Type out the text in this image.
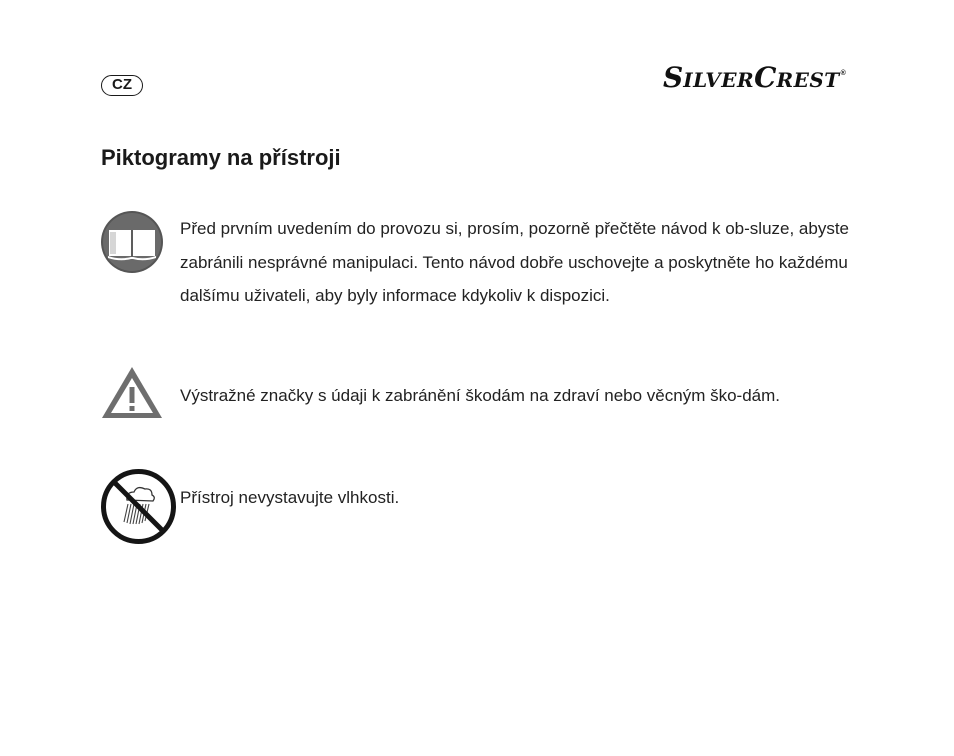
CZ	SILVERCREST®
Piktogramy na přístroji

Před prvním uvedením do provozu si, prosím, pozorně přečtěte návod k ob-sluze, abyste zabránili nesprávné manipulaci. Tento návod dobře uschovejte a poskytněte ho každému dalšímu uživateli, aby byly informace kdykoliv k dispozici.

Výstražné značky s údaji k zabránění škodám na zdraví nebo věcným ško-dám.

Přístroj nevystavujte vlhkosti.
